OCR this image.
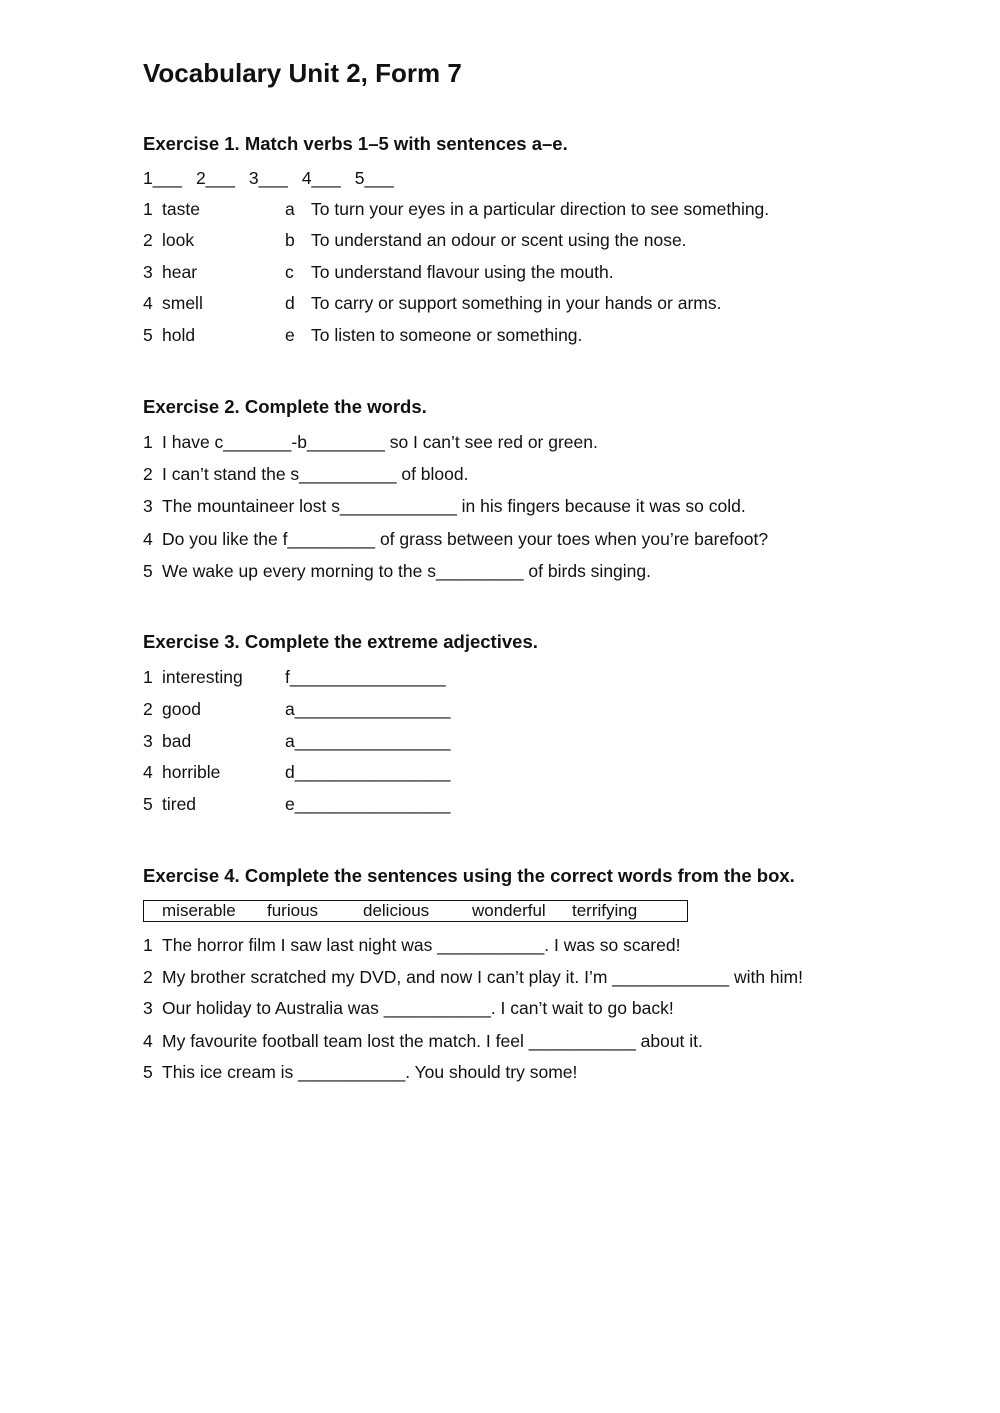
Vocabulary Unit 2, Form 7
Exercise 1. Match verbs 1–5 with sentences a–e.
1___ 2___ 3___ 4___ 5___
1 taste	a To turn your eyes in a particular direction to see something.
2 look	b To understand an odour or scent using the nose.
3 hear	c To understand flavour using the mouth.
4 smell	d To carry or support something in your hands or arms.
5 hold	e To listen to someone or something.
Exercise 2. Complete the words.
1 I have c_______-b________ so I can’t see red or green.
2 I can’t stand the s__________ of blood.
3 The mountaineer lost s____________ in his fingers because it was so cold.
4 Do you like the f_________ of grass between your toes when you’re barefoot?
5 We wake up every morning to the s_________ of birds singing.
Exercise 3. Complete the extreme adjectives.
1 interesting f________________
2 good	a________________
3 bad	a________________
4 horrible	d________________
5 tired	e________________
Exercise 4. Complete the sentences using the correct words from the box.
miserable furious	delicious	wonderful terrifying
1 The horror film I saw last night was ___________. I was so scared!
2 My brother scratched my DVD, and now I can’t play it. I’m ____________ with him!
3 Our holiday to Australia was ___________. I can’t wait to go back!
4 My favourite football team lost the match. I feel ___________ about it.
5 This ice cream is ___________. You should try some!
